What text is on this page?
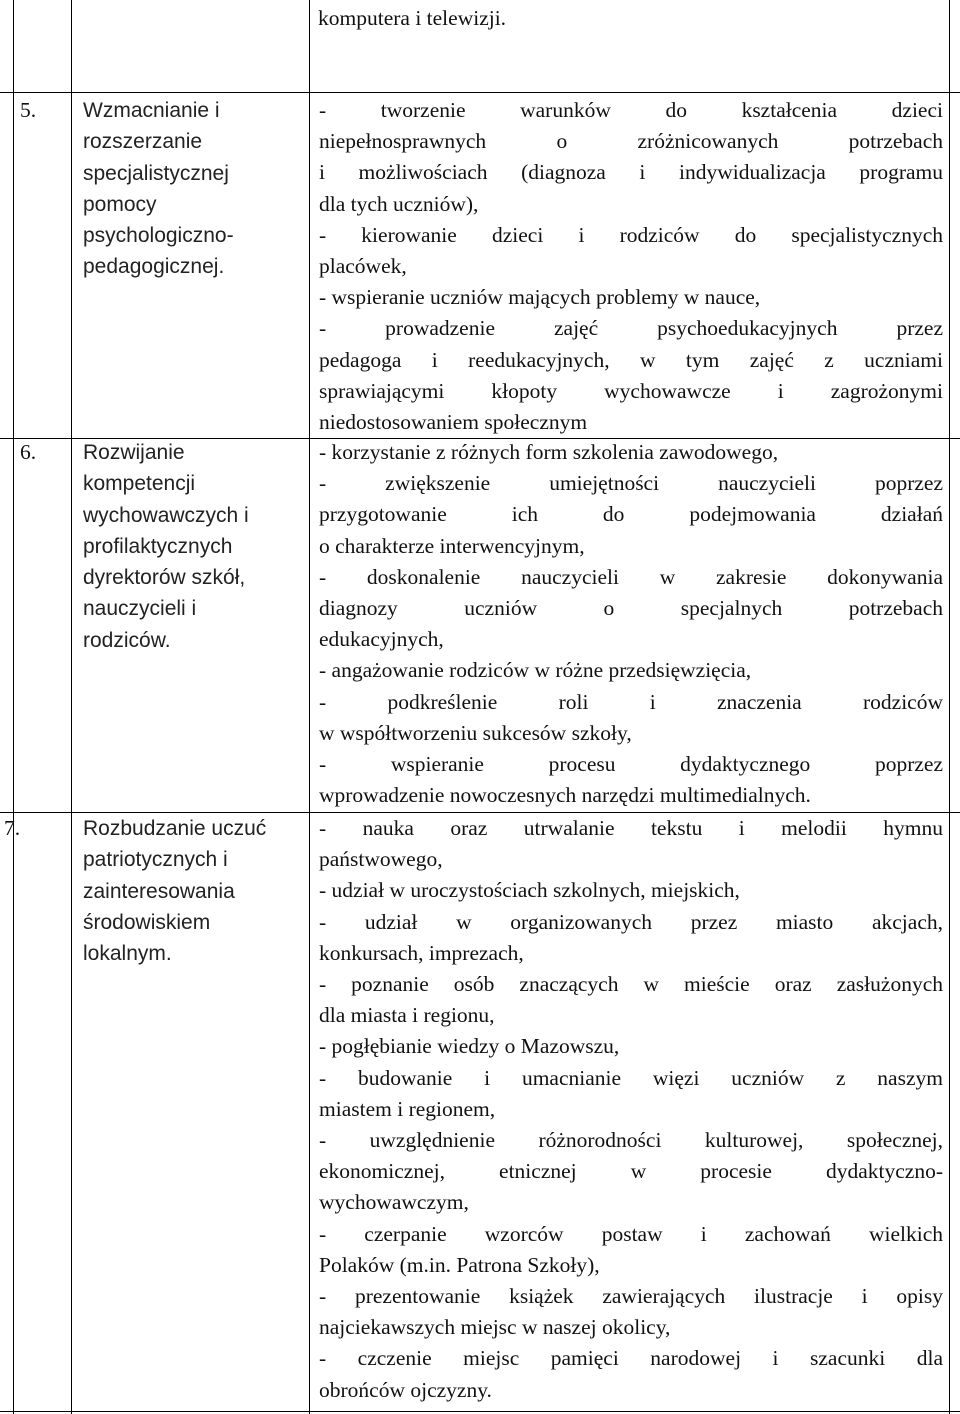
komputera i telewizji.

5. Wzmacnianie i
rozszerzanie
specjalistycznej
pomocy
psychologiczno-
pedagogicznej.
- tworzenie warunków do kształcenia dzieci
niepełnosprawnych o zróżnicowanych potrzebach
i możliwościach (diagnoza i indywidualizacja programu
dla tych uczniów),
- kierowanie dzieci i rodziców do specjalistycznych
placówek,
- wspieranie uczniów mających problemy w nauce,
- prowadzenie zajęć psychoedukacyjnych przez
pedagoga i reedukacyjnych, w tym zajęć z uczniami
sprawiającymi kłopoty wychowawcze i zagrożonymi
niedostosowaniem społecznym

6. Rozwijanie
kompetencji
wychowawczych i
profilaktycznych
dyrektorów szkół,
nauczycieli i
rodziców.
- korzystanie z różnych form szkolenia zawodowego,
- zwiększenie umiejętności nauczycieli poprzez
przygotowanie ich do podejmowania działań
o charakterze interwencyjnym,
- doskonalenie nauczycieli w zakresie dokonywania
diagnozy uczniów o specjalnych potrzebach
edukacyjnych,
- angażowanie rodziców w różne przedsięwzięcia,
- podkreślenie roli i znaczenia rodziców
w współtworzeniu sukcesów szkoły,
- wspieranie procesu dydaktycznego poprzez
wprowadzenie nowoczesnych narzędzi multimedialnych.

7.	Rozbudzanie uczuć
patriotycznych i
zainteresowania
środowiskiem
lokalnym.
- nauka oraz utrwalanie tekstu i melodii hymnu
państwowego,
- udział w uroczystościach szkolnych, miejskich,
- udział w organizowanych przez miasto akcjach,
konkursach, imprezach,
- poznanie osób znaczących w mieście oraz zasłużonych
dla miasta i regionu,
- pogłębianie wiedzy o Mazowszu,
- budowanie i umacnianie więzi uczniów z naszym
miastem i regionem,
- uwzględnienie różnorodności kulturowej, społecznej,
ekonomicznej, etnicznej w procesie dydaktyczno-
wychowawczym,
- czerpanie wzorców postaw i zachowań wielkich
Polaków (m.in. Patrona Szkoły),
- prezentowanie książek zawierających ilustracje i opisy
najciekawszych miejsc w naszej okolicy,
- czczenie miejsc pamięci narodowej i szacunki dla
obrońców ojczyzny.
